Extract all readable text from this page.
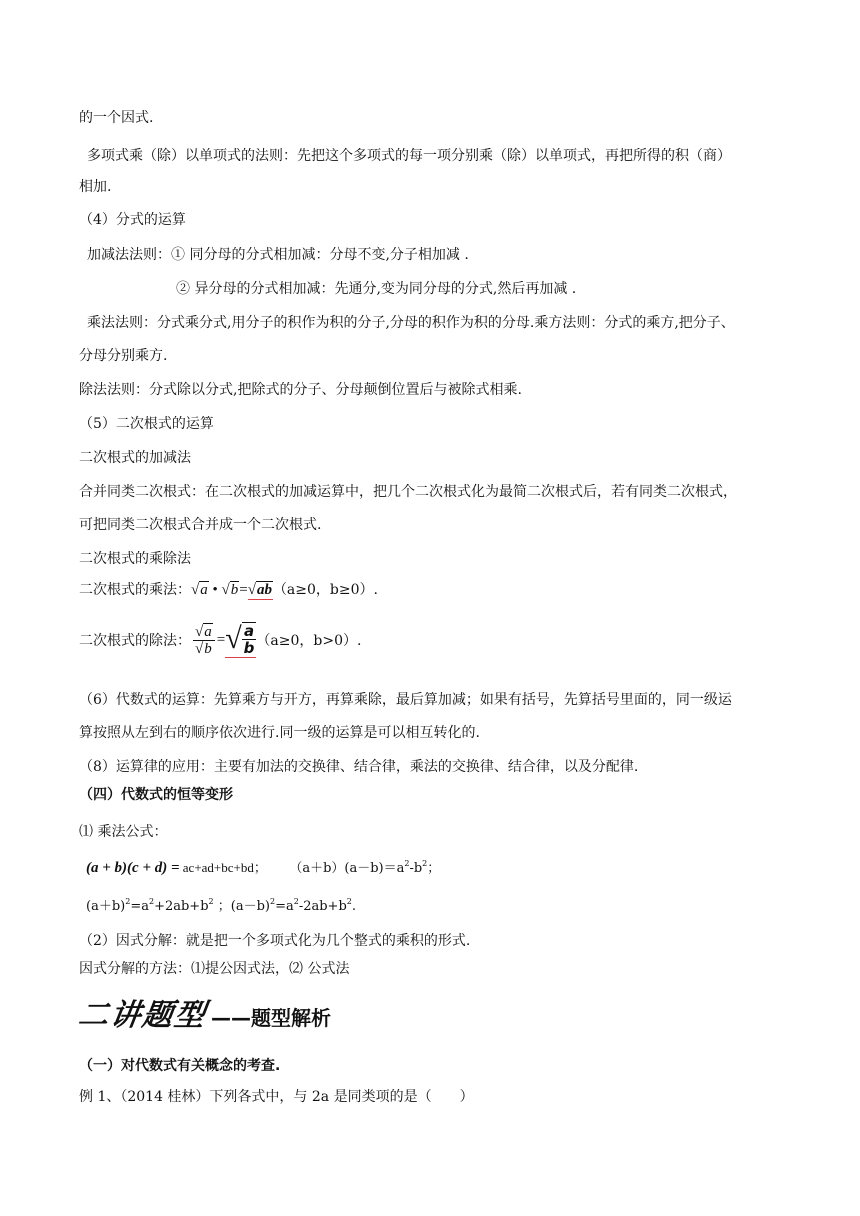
的一个因式.
多项式乘（除）以单项式的法则：先把这个多项式的每一项分别乘（除）以单项式，再把所得的积（商）
相加.
（4）分式的运算
加减法法则：① 同分母的分式相加减：分母不变,分子相加减 .
② 异分母的分式相加减：先通分,变为同分母的分式,然后再加减 .
乘法法则：分式乘分式,用分子的积作为积的分子,分母的积作为积的分母.乘方法则：分式的乘方,把分子、
分母分别乘方.
除法法则：分式除以分式,把除式的分子、分母颠倒位置后与被除式相乘.
（5）二次根式的运算
二次根式的加减法
合并同类二次根式：在二次根式的加减运算中，把几个二次根式化为最简二次根式后，若有同类二次根式，
可把同类二次根式合并成一个二次根式.
二次根式的乘除法
二次根式的乘法： √a • √b=√ab （a≥0，b≥0）.
二次根式的除法： $\frac{√a}{√b}$ = √ $\frac{a}{b} (a\ge 0$，b>0）.
（6）代数式的运算：先算乘方与开方，再算乘除，最后算加减；如果有括号，先算括号里面的，同一级运
算按照从左到右的顺序依次进行.同一级的运算是可以相互转化的.
（8）运算律的应用：主要有加法的交换律、结合律，乘法的交换律、结合律，以及分配律.
（四）代数式的恒等变形
⑴ 乘法公式：
(a + b)(c + d) = ac+ad+bc+bd； $(a+b)(a-b)=a^2-b^2$；
$(a+b)^2=a^2+2ab+b^2$ ；$(a-b)^2=a^2-2ab+b^2$.
（2）因式分解：就是把一个多项式化为几个整式的乘积的形式.
因式分解的方法：⑴提公因式法，⑵ 公式法
二讲题型 —— 题型解析
（一）对代数式有关概念的考查.
例 1、（2014 桂林）下列各式中，与 2a 是同类项的是（　　）
